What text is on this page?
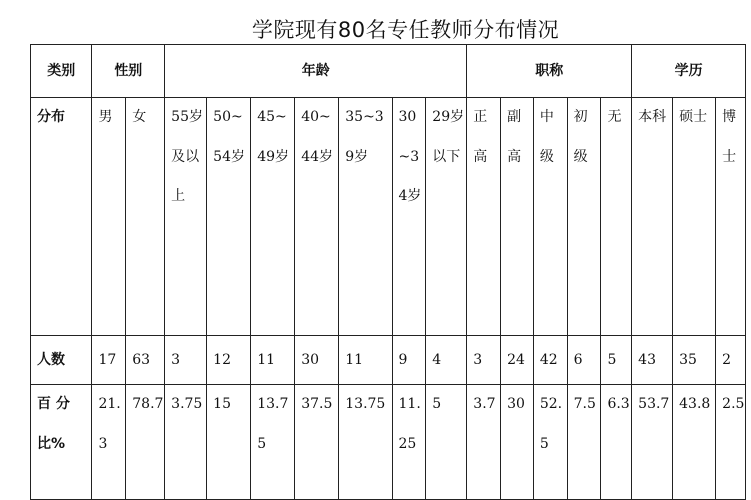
学院现有80名专任教师分布情况
类别	性别		年龄							职称					学历		
分布	男	女	55岁及以上	50~54岁	45~49岁	40~44岁	35~39岁	30~34岁	29岁以下	正高	副高	中级	初级	无	本科	硕士	博士
人数	17	63	3	12	11	30	11	9	4	3	24	42	6	5	43	35	2
百 分比%	21.3	78.7	3.75	15	13.75	37.5	13.75	11.25	5	3.7	30	52.5	7.5	6.3	53.7	43.8	2.5
